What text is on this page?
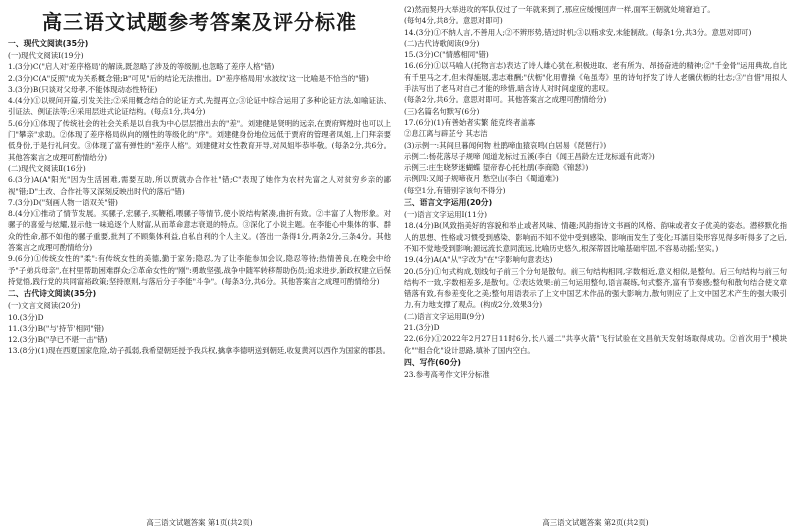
高三语文试题参考答案及评分标准
一、现代文阅读(35分)
(一)现代文阅读Ⅰ(19分)
1.(3分)C("启人对'差序格局'的解读,既忽略了涉及的等级制,也忽略了差序人格"错)
2.(3分)C(A"反照"成为关系概念错;B"可见"后的结论无法推出。D"差序格局用'水波纹'这一比喻是不恰当的"错)
3.(3分)B(只谈对父母孝,不能体现动态性特征)
4.(4分)①以规问开篇,引发关注;②采用概念结合的论证方式,先提再立;③论证中综合运用了多种论证方法,如喻证法、引证法、例证法等;④采用层进式论证结构。(每点1分,共4分)
5.(6分)①体现了传统社会的社会关系是以自我为中心层层推出去的"差"。刘建健是贤明的远亲,在贾府辉煌时也可以上门"攀亲"求助。②体现了差序格局纵向的刚性的等级化的"序"。刘建健身份地位远低于贾府的管理者凤姐,上门拜亲要低身份,于是行礼问安。③体现了富有弹性的"差序人格"。刘建健对女性教育开导,对凤姐毕恭毕敬。(每条2分,共6分。其他答案言之成理可酌情给分)
(二)现代文阅读Ⅱ(16分)
6.(3分)A(A"阳光"因为生活困难,需要互助,所以贾就办合作社"错;C"表现了她作为农村先富之人对贫穷乡亲的鄙视"错;D"土改、合作社等又深刻反映出时代的落后"错)
7.(3分)D("刻画人物一语双关"错)
8.(4分)①推动了情节发展。买骡子,宏骡子,买鞭稻,喂骡子等情节,使小说结构紧凑,曲折有致。②丰富了人物形象。对骡子的喜爱与炫耀,显示他一味追逐个人财富,从而革命意志衰退的特点。③深化了小说主题。在李能心中集体的事、群众的性命,都不如他的骡子重要,批判了不顾集体利益,自私自利的个人主义。(答出一条得1分,两条2分,三条4分。其他答案言之成理可酌情给分)
9.(6分)①传统女性的"柔":有传统女性的美德,勤于家务;隐忍,为了让李能参加会议,隐忍等待;热情善良,在晚会中给予"子弟兵母亲",在村里帮助困难群众;②革命女性的"刚":勇敢坚强,战争中随军转移帮助伤员;追求进步,新政权建立后保持觉悟,践行党的共同富裕政策;坚持原则,与落后分子李能"斗争"。(每条3分,共6分。其他答案言之成理可酌情给分)
二、古代诗文阅读(35分)
(一)文言文阅读(20分)
10.(3分)D
11.(3分)B("与'持节'相同"错)
12.(3分)B("孕已不堪一击"错)
13.(8分)(1)现在西夏国家危险,幼子孤弱,我希望朝廷授予我兵权,擒拿李德明送到朝廷,收复黄河以西作为国家的郡县。
(2)然而契丹大举进攻的军队仅过了一年就来到了,那应应缓慢回声一样,面军王朝就处境窘迫了。
(每句4分,共8分。意思对即可)
14.(3分)①不纳人言,不善用人;②不辨形势,错过时机;③以贿求安,未能制敌。(每条1分,共3分。意思对即可)
(二)古代诗歌阅读(9分)
15.(3分)C("情感相同"错)
16.(6分)①以马喻人(托物言志)表达了诗人雄心犹在,积极进取、老有所为、昂扬奋进的精神;②"千金骨"运用典故,自比有千里马之才,但未得施展,悲志难酬;"伏枥"化用曹操《龟虽寿》里的诗句抒发了诗人老骥伏枥的壮志;③"自惜"用拟人手法写出了老马对自己才能的珍惜,暗含诗人对时间虚度的悲叹。
(每条2分,共6分。意思对即可。其他答案言之成理可酌情给分)
(三)名篇名句默写(6分)
17.(6分)(1)有善始者实繁 能克终者盖寡
②息江离与辟芷兮 其志洁
(3)示例一:其间旦暮闻何物 杜鹃啼血猿哀鸣(白居易《琵琶行》)
示例二:杨花落尽子规啼 闻道龙标过五溪(李白《闻王昌龄左迁龙标遥有此寄》)
示例三:庄生晓梦迷蝴蝶 望帝春心托杜鹃(李商隐《锦瑟》)
示例四:又闻子规啼夜月 愁空山(李白《蜀道难》)
(每空1分,有错别字该句不得分)
三、语言文字运用(20分)
(一)语言文字运用Ⅰ(11分)
18.(4分)B(风致指美好的容貌和举止或者风味、情趣;风韵指诗文书画的风格、韵味或者女子优美的姿态。潜移默化指人的思想、性格或习惯受到感染、影响而不知不觉中受到感染、影响而发生了变化;耳濡目染形容见得多听得多了之后,不知不觉地受到影响;源远流长意同流远,比喻历史悠久,根深蒂固比喻基础牢固,不容易动摇;坚实。)
19.(4分)A(A"从"字改为"在"字影响句意表达)
20.(5分)①句式构成,划线句子前三个分句是散句。前三句结构相同,字数相近,意义相似,是整句。后三句结构与前三句结构不一致,字数相差多,是散句。②表达效果:前三句运用整句,语言凝练,句式整齐,富有节奏感;整句和散句结合使文章错落有致,有参差变化之美;整句用语表示了上文中国艺术作品的强大影响力,散句则应了上文中国艺术产生的强大吸引力,有力地支撑了观点。(构成2分,效果3分)
(二)语言文字运用Ⅱ(9分)
21.(3分)D
22.(6分)①2022年2月27日11时6分,长八遥二"共享火箭"飞行试验在文昌航天发射场取得成功。②首次用于"模块化""组合化"设计思路,填补了国内空白。
四、写作(60分)
23.参考高考作文评分标准
高三语文试题答案 第1页(共2页)	高三语文试题答案 第2页(共2页)
